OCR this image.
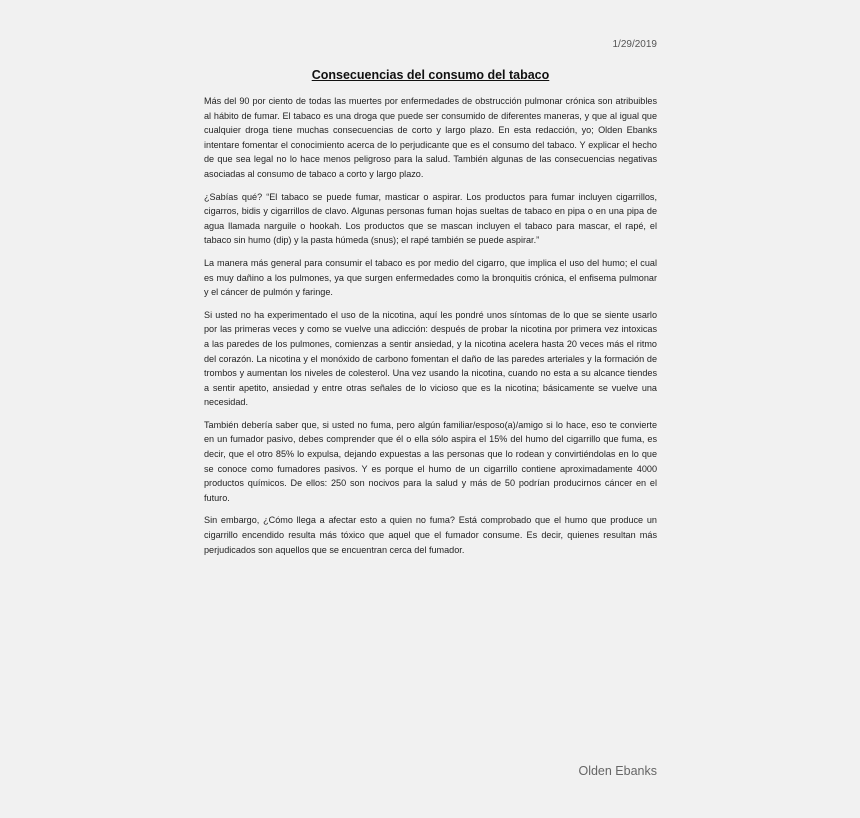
1/29/2019
Consecuencias del consumo del tabaco

Más del 90 por ciento de todas las muertes por enfermedades de obstrucción pulmonar crónica son atribuibles al hábito de fumar. El tabaco es una droga que puede ser consumido de diferentes maneras, y que al igual que cualquier droga tiene muchas consecuencias de corto y largo plazo. En esta redacción, yo; Olden Ebanks intentare fomentar el conocimiento acerca de lo perjudicante que es el consumo del tabaco. Y explicar el hecho de que sea legal no lo hace menos peligroso para la salud. También algunas de las consecuencias negativas asociadas al consumo de tabaco a corto y largo plazo.

¿Sabías qué? “El tabaco se puede fumar, masticar o aspirar. Los productos para fumar incluyen cigarrillos, cigarros, bidis y cigarrillos de clavo. Algunas personas fuman hojas sueltas de tabaco en pipa o en una pipa de agua llamada narguile o hookah. Los productos que se mascan incluyen el tabaco para mascar, el rapé, el tabaco sin humo (dip) y la pasta húmeda (snus); el rapé también se puede aspirar.”

La manera más general para consumir el tabaco es por medio del cigarro, que implica el uso del humo; el cual es muy dañino a los pulmones, ya que surgen enfermedades como la bronquitis crónica, el enfisema pulmonar y el cáncer de pulmón y faringe.

Si usted no ha experimentado el uso de la nicotina, aquí les pondré unos síntomas de lo que se siente usarlo por las primeras veces y como se vuelve una adicción: después de probar la nicotina por primera vez intoxicas a las paredes de los pulmones, comienzas a sentir ansiedad, y la nicotina acelera hasta 20 veces más el ritmo del corazón. La nicotina y el monóxido de carbono fomentan el daño de las paredes arteriales y la formación de trombos y aumentan los niveles de colesterol. Una vez usando la nicotina, cuando no esta a su alcance tiendes a sentir apetito, ansiedad y entre otras señales de lo vicioso que es la nicotina; básicamente se vuelve una necesidad.

También debería saber que, si usted no fuma, pero algún familiar/esposo(a)/amigo si lo hace, eso te convierte en un fumador pasivo, debes comprender que él o ella sólo aspira el 15% del humo del cigarrillo que fuma, es decir, que el otro 85% lo expulsa, dejando expuestas a las personas que lo rodean y convirtiéndolas en lo que se conoce como fumadores pasivos. Y es porque el humo de un cigarrillo contiene aproximadamente 4000 productos químicos. De ellos: 250 son nocivos para la salud y más de 50 podrían producirnos cáncer en el futuro.

Sin embargo, ¿Cómo llega a afectar esto a quien no fuma? Está comprobado que el humo que produce un cigarrillo encendido resulta más tóxico que aquel que el fumador consume. Es decir, quienes resultan más perjudicados son aquellos que se encuentran cerca del fumador.

Olden Ebanks
